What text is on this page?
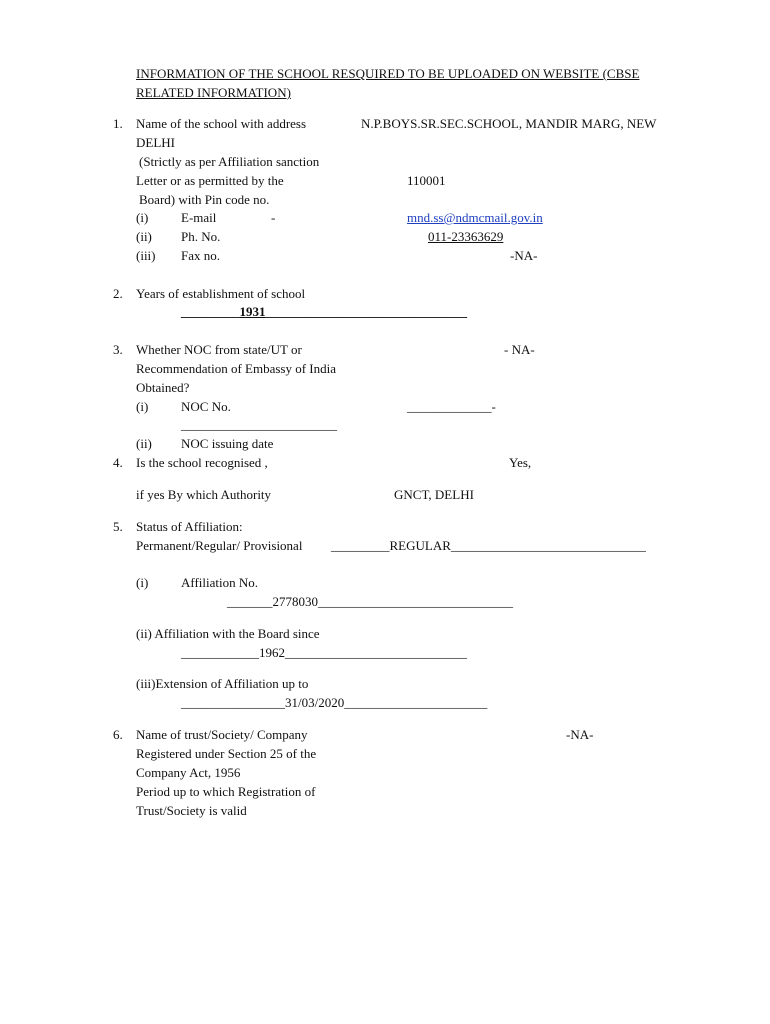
INFORMATION OF THE SCHOOL RESQUIRED TO BE UPLOADED ON WEBSITE (CBSE
RELATED INFORMATION)
1. Name of the school with address	N.P.BOYS.SR.SEC.SCHOOL, MANDIR MARG, NEW
DELHI
(Strictly as per Affiliation sanction
Letter or as permitted by the	110001
Board) with Pin code no.
(i)	E-mail	-	mnd.ss@ndmcmail.gov.in
(ii) Ph. No.	011-23363629
(iii) Fax no.	-NA-
2. Years of establishment of school
_________1931_______________________________
3. Whether NOC from state/UT or	- NA-
Recommendation of Embassy of India
Obtained?
(i)	NOC No.	_____________-
________________________
(ii) NOC issuing date
4. Is the school recognised ,	Yes,
if yes By which Authority	GNCT, DELHI
5. Status of Affiliation:
Permanent/Regular/ Provisional _________REGULAR______________________________
(i)	Affiliation No.
_______2778030______________________________
(ii) Affiliation with the Board since
____________1962____________________________
(iii)Extension of Affiliation up to
________________31/03/2020______________________
6. Name of trust/Society/ Company	-NA-
Registered under Section 25 of the
Company Act, 1956
Period up to which Registration of
Trust/Society is valid
